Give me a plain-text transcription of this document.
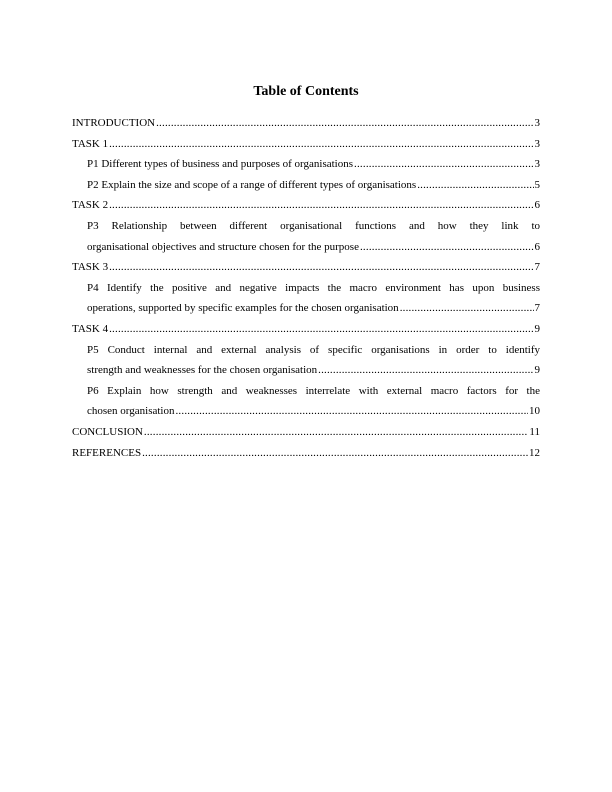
Table of Contents
INTRODUCTION .....	3
TASK 1 .....	3
P1 Different types of business and purposes of organisations .....	3
P2 Explain the size and scope of a range of different types of organisations .....	5
TASK 2 .....	6
P3 Relationship between different organisational functions and how they link to
organisational objectives and structure chosen for the purpose .....	6
TASK 3 .....	7
P4 Identify the positive and negative impacts the macro environment has upon business
operations, supported by specific examples for the chosen organisation .....	7
TASK 4 .....	9
P5 Conduct internal and external analysis of specific organisations in order to identify
strength and weaknesses for the chosen organisation .....	9
P6 Explain how strength and weaknesses interrelate with external macro factors for the
chosen organisation .....	10
CONCLUSION .....	11
REFERENCES .....	12
